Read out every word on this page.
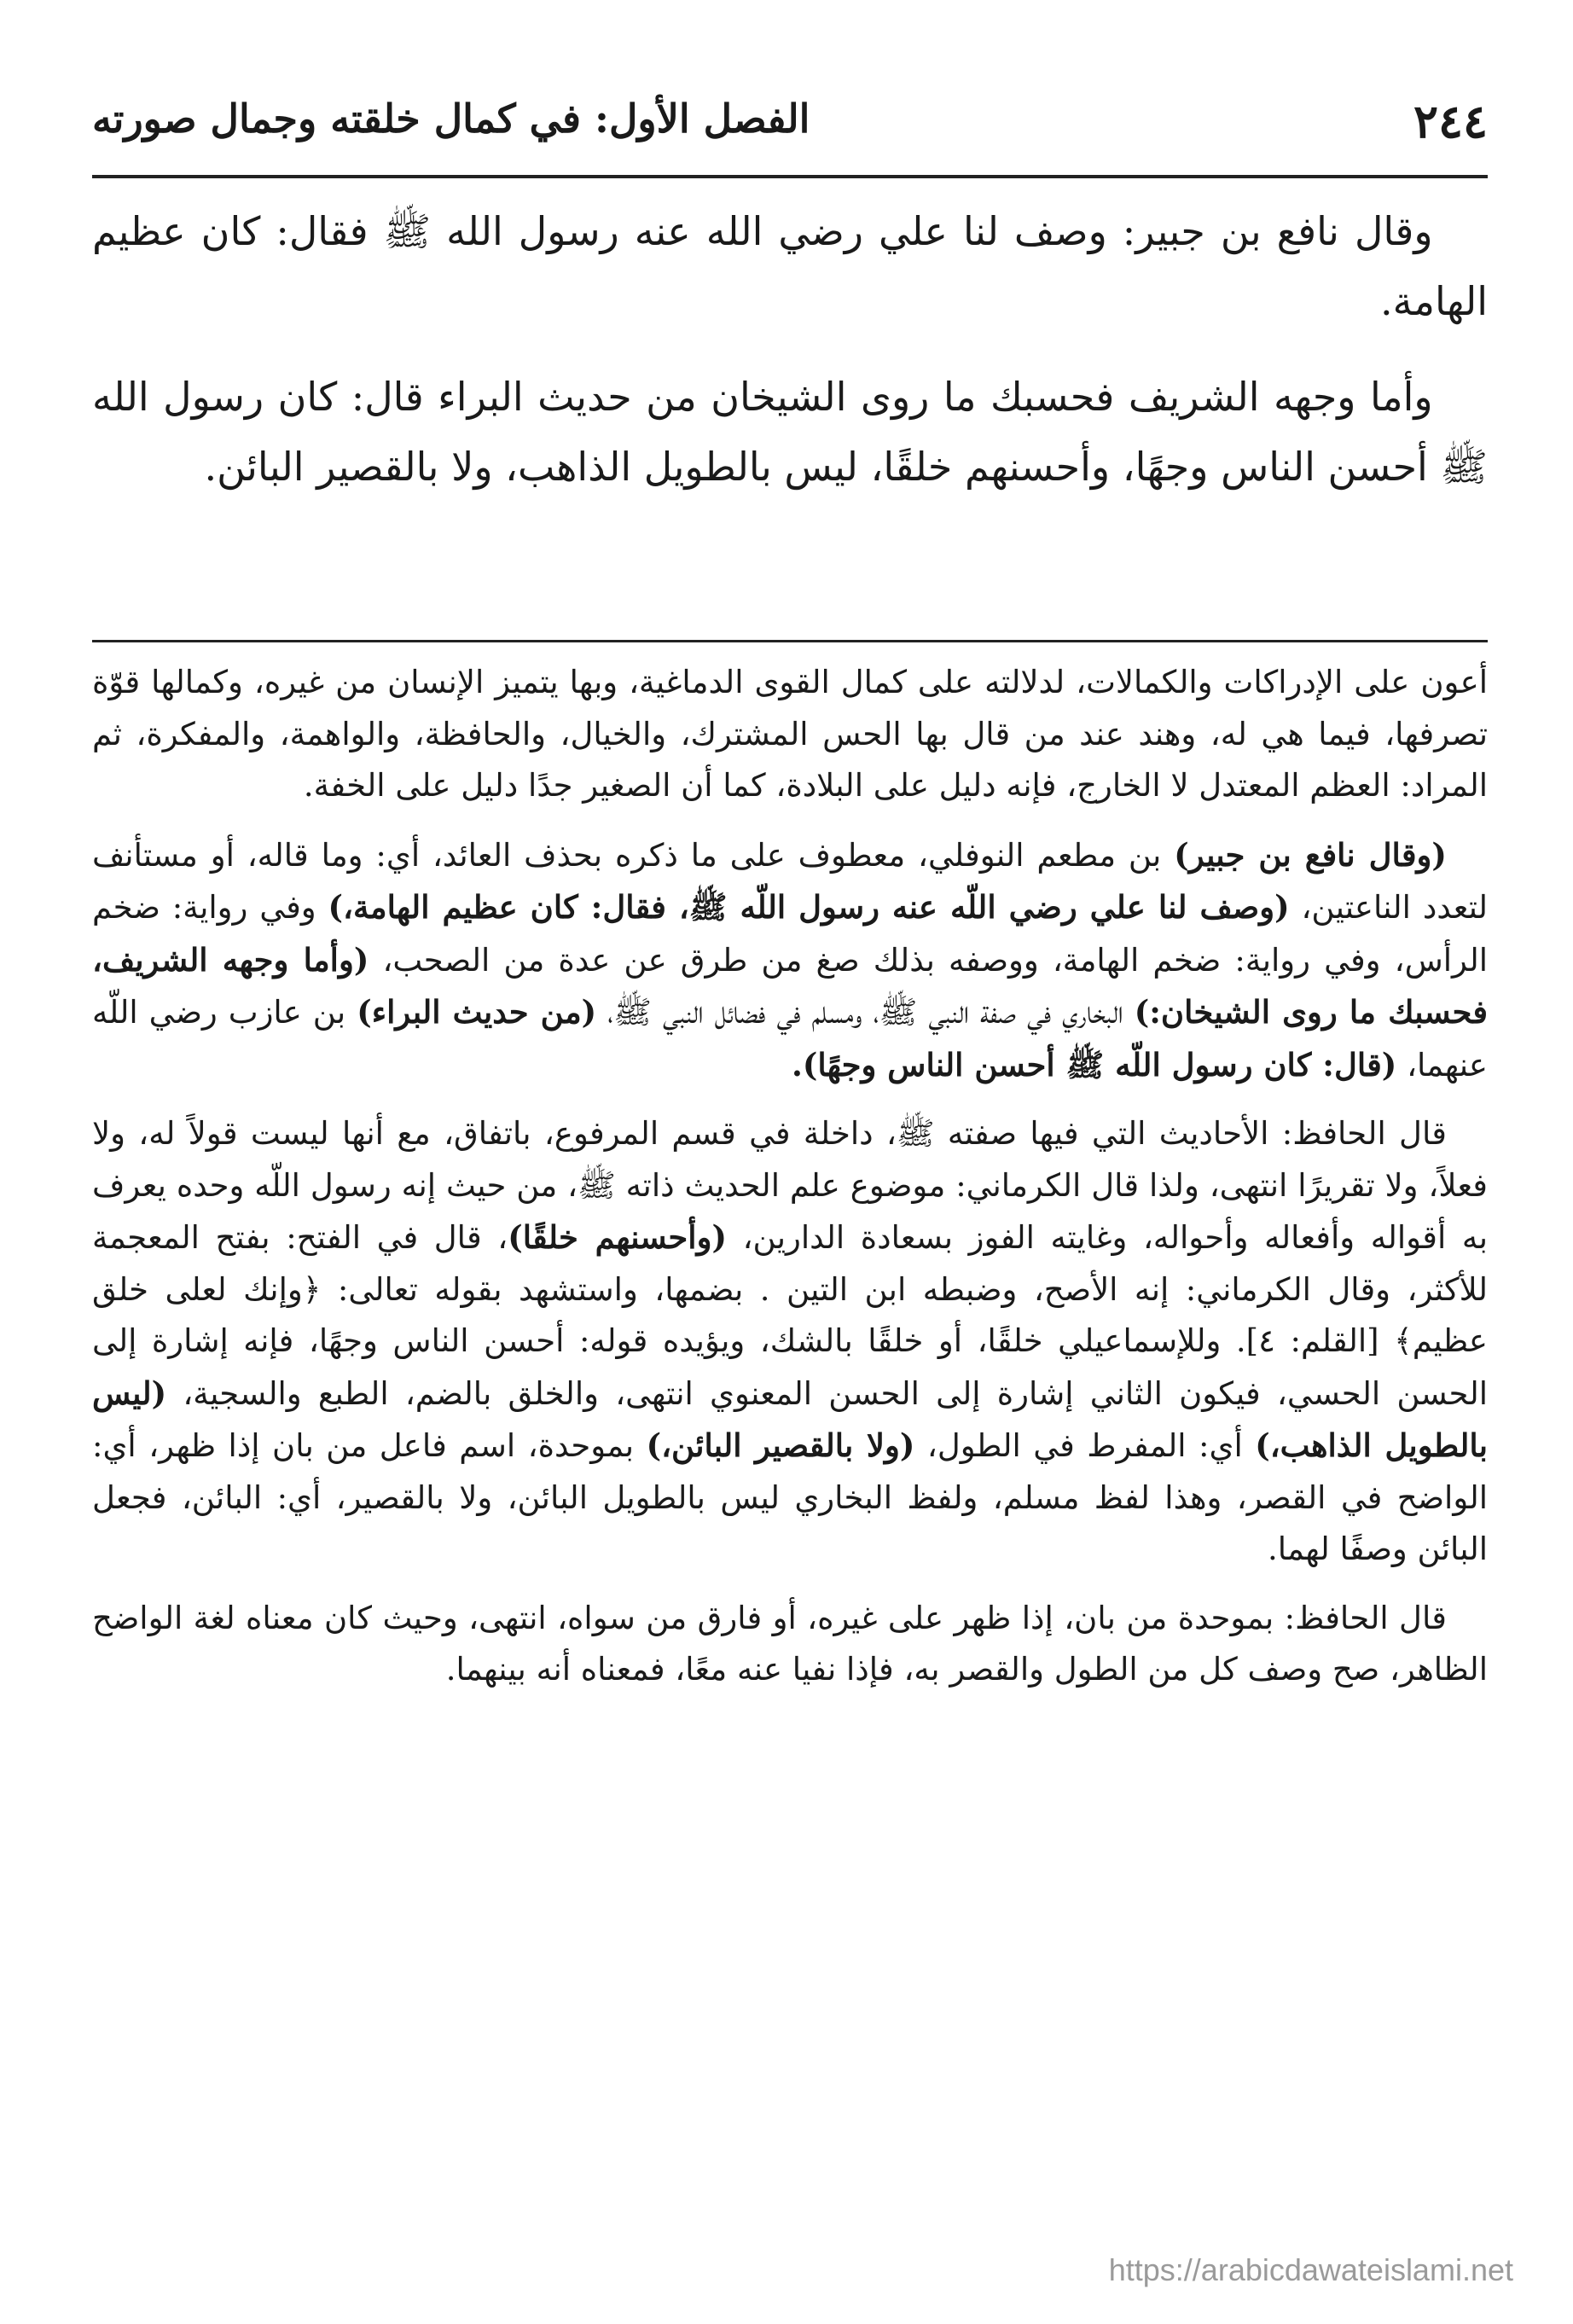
٢٤٤
الفصل الأول: في كمال خلقته وجمال صورته

وقال نافع بن جبير: وصف لنا علي رضي الله عنه رسول الله ﷺ فقال: كان عظيم الهامة.

وأما وجهه الشريف فحسبك ما روى الشيخان من حديث البراء قال: كان رسول الله ﷺ أحسن الناس وجهًا، وأحسنهم خلقًا، ليس بالطويل الذاهب، ولا بالقصير البائن.

أعون على الإدراكات والكمالات، لدلالته على كمال القوى الدماغية، وبها يتميز الإنسان من غيره، وكمالها قوّة تصرفها، فيما هي له، وهند عند من قال بها الحس المشترك، والخيال، والحافظة، والواهمة، والمفكرة، ثم المراد: العظم المعتدل لا الخارج، فإنه دليل على البلادة، كما أن الصغير جدًا دليل على الخفة.

(وقال نافع بن جبير) بن مطعم النوفلي، معطوف على ما ذكره بحذف العائد، أي: وما قاله، أو مستأنف لتعدد الناعتين، (وصف لنا علي رضي اللّه عنه رسول اللّه ﷺ، فقال: كان عظيم الهامة،) وفي رواية: ضخم الرأس، وفي رواية: ضخم الهامة، ووصفه بذلك صغ من طرق عن عدة من الصحب، (وأما وجهه الشريف، فحسبك ما روى الشيخان:) البخاري في صفة النبي ﷺ، ومسلم في فضائل النبي ﷺ، (من حديث البراء) بن عازب رضي اللّه عنهما، (قال: كان رسول اللّه ﷺ أحسن الناس وجهًا).

قال الحافظ: الأحاديث التي فيها صفته ﷺ، داخلة في قسم المرفوع، باتفاق، مع أنها ليست قولاً له، ولا فعلاً، ولا تقريرًا انتهى، ولذا قال الكرماني: موضوع علم الحديث ذاته ﷺ، من حيث إنه رسول اللّه وحده يعرف به أقواله وأفعاله وأحواله، وغايته الفوز بسعادة الدارين، (وأحسنهم خلقًا)، قال في الفتح: بفتح المعجمة للأكثر، وقال الكرماني: إنه الأصح، وضبطه ابن التين . بضمها، واستشهد بقوله تعالى: ﴿وإنك لعلى خلق عظيم﴾ [القلم: ٤]. وللإسماعيلي خلقًا، أو خلقًا بالشك، ويؤيده قوله: أحسن الناس وجهًا، فإنه إشارة إلى الحسن الحسي، فيكون الثاني إشارة إلى الحسن المعنوي انتهى، والخلق بالضم، الطبع والسجية، (ليس بالطويل الذاهب،) أي: المفرط في الطول، (ولا بالقصير البائن،) بموحدة، اسم فاعل من بان إذا ظهر، أي: الواضح في القصر، وهذا لفظ مسلم، ولفظ البخاري ليس بالطويل البائن، ولا بالقصير، أي: البائن، فجعل البائن وصفًا لهما.

قال الحافظ: بموحدة من بان، إذا ظهر على غيره، أو فارق من سواه، انتهى، وحيث كان معناه لغة الواضح الظاهر، صح وصف كل من الطول والقصر به، فإذا نفيا عنه معًا، فمعناه أنه بينهما.

https://arabicdawateislami.net
